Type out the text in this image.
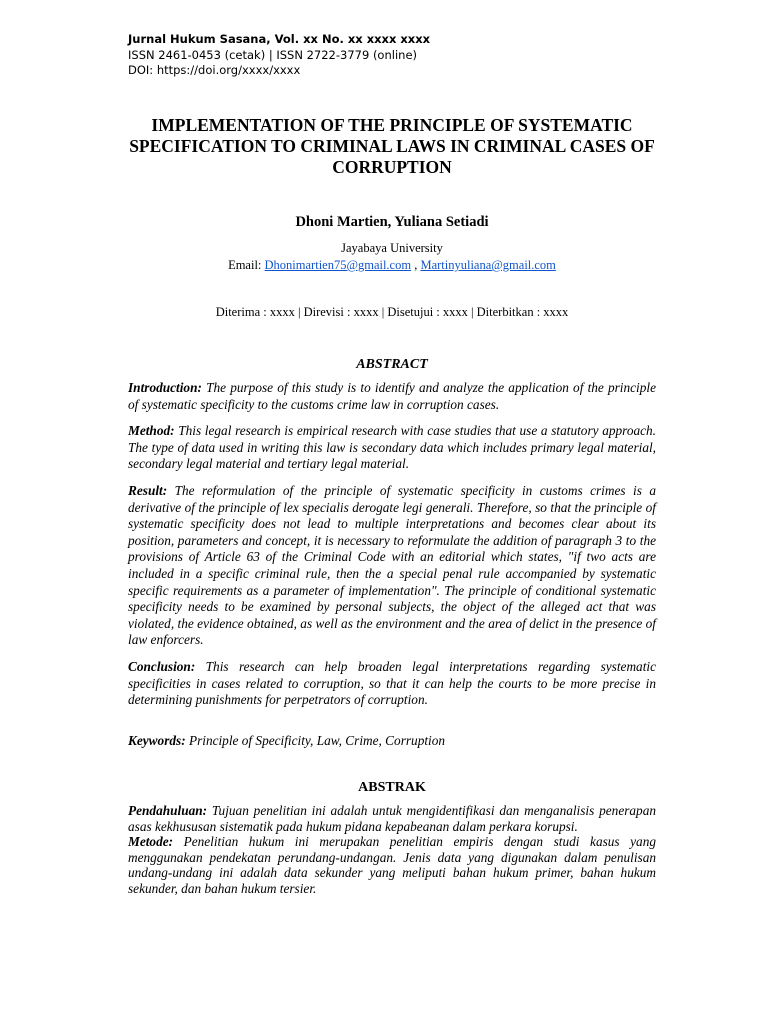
Jurnal Hukum Sasana, Vol. xx No. xx xxxx xxxx
ISSN 2461-0453 (cetak) | ISSN 2722-3779 (online)
DOI: https://doi.org/xxxx/xxxx
IMPLEMENTATION OF THE PRINCIPLE OF SYSTEMATIC SPECIFICATION TO CRIMINAL LAWS IN CRIMINAL CASES OF CORRUPTION
Dhoni Martien, Yuliana Setiadi
Jayabaya University
Email: Dhonimartien75@gmail.com , Martinyuliana@gmail.com
Diterima : xxxx | Direvisi : xxxx | Disetujui : xxxx | Diterbitkan : xxxx
ABSTRACT

Introduction: The purpose of this study is to identify and analyze the application of the principle of systematic specificity to the customs crime law in corruption cases.

Method: This legal research is empirical research with case studies that use a statutory approach. The type of data used in writing this law is secondary data which includes primary legal material, secondary legal material and tertiary legal material.

Result: The reformulation of the principle of systematic specificity in customs crimes is a derivative of the principle of lex specialis derogate legi generali. Therefore, so that the principle of systematic specificity does not lead to multiple interpretations and becomes clear about its position, parameters and concept, it is necessary to reformulate the addition of paragraph 3 to the provisions of Article 63 of the Criminal Code with an editorial which states, "if two acts are included in a specific criminal rule, then the a special penal rule accompanied by systematic specific requirements as a parameter of implementation". The principle of conditional systematic specificity needs to be examined by personal subjects, the object of the alleged act that was violated, the evidence obtained, as well as the environment and the area of delict in the presence of law enforcers.

Conclusion: This research can help broaden legal interpretations regarding systematic specificities in cases related to corruption, so that it can help the courts to be more precise in determining punishments for perpetrators of corruption.

Keywords: Principle of Specificity, Law, Crime, Corruption
ABSTRAK

Pendahuluan: Tujuan penelitian ini adalah untuk mengidentifikasi dan menganalisis penerapan asas kekhususan sistematik pada hukum pidana kepabeanan dalam perkara korupsi.

Metode: Penelitian hukum ini merupakan penelitian empiris dengan studi kasus yang menggunakan pendekatan perundang-undangan. Jenis data yang digunakan dalam penulisan undang-undang ini adalah data sekunder yang meliputi bahan hukum primer, bahan hukum sekunder, dan bahan hukum tersier.
